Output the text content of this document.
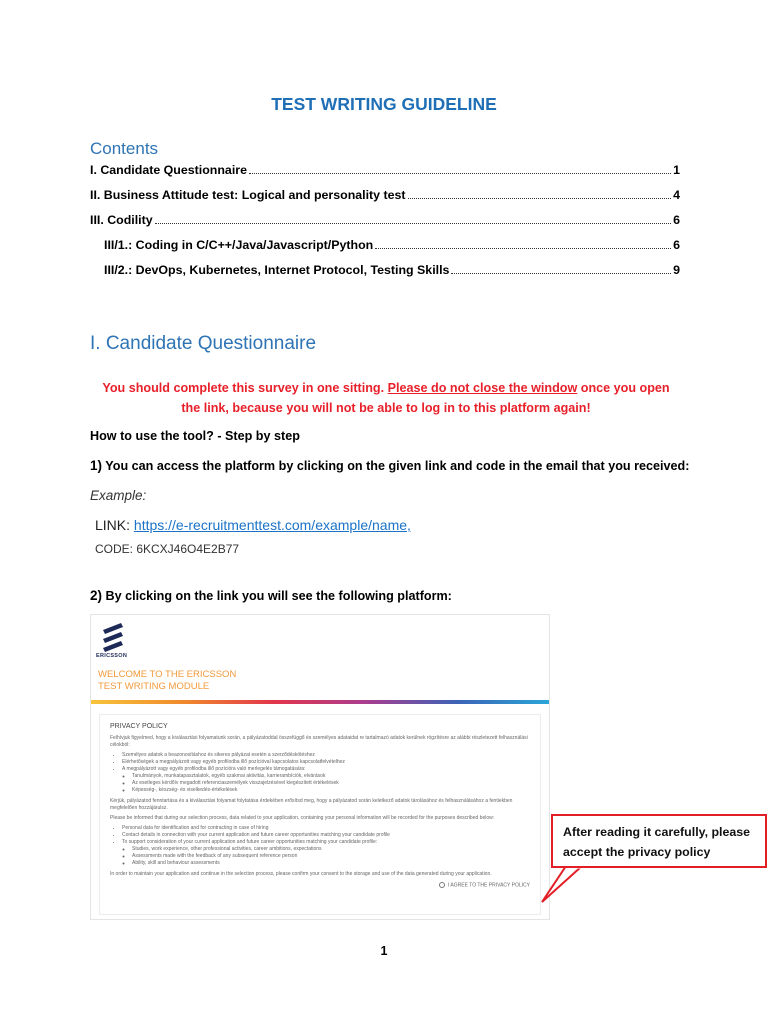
TEST WRITING GUIDELINE
Contents
I. Candidate Questionnaire	1
II. Business Attitude test: Logical and personality test	4
III. Codility	6
III/1.: Coding in C/C++/Java/Javascript/Python	6
III/2.: DevOps, Kubernetes, Internet Protocol, Testing Skills	9
I. Candidate Questionnaire
You should complete this survey in one sitting. Please do not close the window once you open the link, because you will not be able to log in to this platform again!
How to use the tool? - Step by step
1) You can access the platform by clicking on the given link and code in the email that you received:
Example:
LINK: https://e-recruitmenttest.com/example/name,
CODE: 6KCXJ46O4E2B77
2) By clicking on the link you will see the following platform:
ERICSSON
WELCOME TO THE ERICSSON
TEST WRITING MODULE
PRIVACY POLICY

Felhívjuk figyelmed, hogy a kiválasztási folyamatunk során, a pályázatoddal összefüggő és személyes adataidat re tartalmazó adatok kerülnek rögzítésre az alábbi részletezett felhasználási célokból:

• Személyes adatok a beazonosításhoz és sikeres pályázat esetén a szerződéskötéshez
• Elérhetőségek a megpályázott vagy egyéb profilodba illő pozícióval kapcsolatos kapcsolatfelvételhez
• A megpályázott vagy egyéb profilodba illő pozícióra való merlegelés támogatására:
◦ Tanulmányok, munkatapasztalatok, egyéb szakmai aktivitás, karrierambíciók, elvárások
◦ Az esetleges kérdőív megadott referenciaszemélyek visszajelzésével kiegészített értékelések
◦ Képesség-, készség- és viselkedés-értékelések

Kérjük, pályázatod fenntartása és a kiválasztási folyamat folytatása érdekében erősítsd meg, hogy a pályázatod során keletkező adatok tárolásához és felhasználásához a fentiekben megfelelően hozzájárulsz.

Please be informed that during our selection process, data related to your application, containing your personal information will be recorded for the purposes described below:

• Personal data for identification and for contracting in case of hiring
• Contact details in connection with your current application and future career opportunities matching your candidate profile
• To support consideration of your current application and future career opportunities matching your candidate profile:
◦ Studies, work experience, other professional activities, career ambitions, expectations
◦ Assessments made with the feedback of any subsequent reference person
◦ Ability, skill and behaviour assessments

In order to maintain your application and continue in the selection process, please confirm your consent to the storage and use of the data generated during your application.

I AGREE TO THE PRIVACY POLICY
After reading it carefully, please accept the privacy policy
1
